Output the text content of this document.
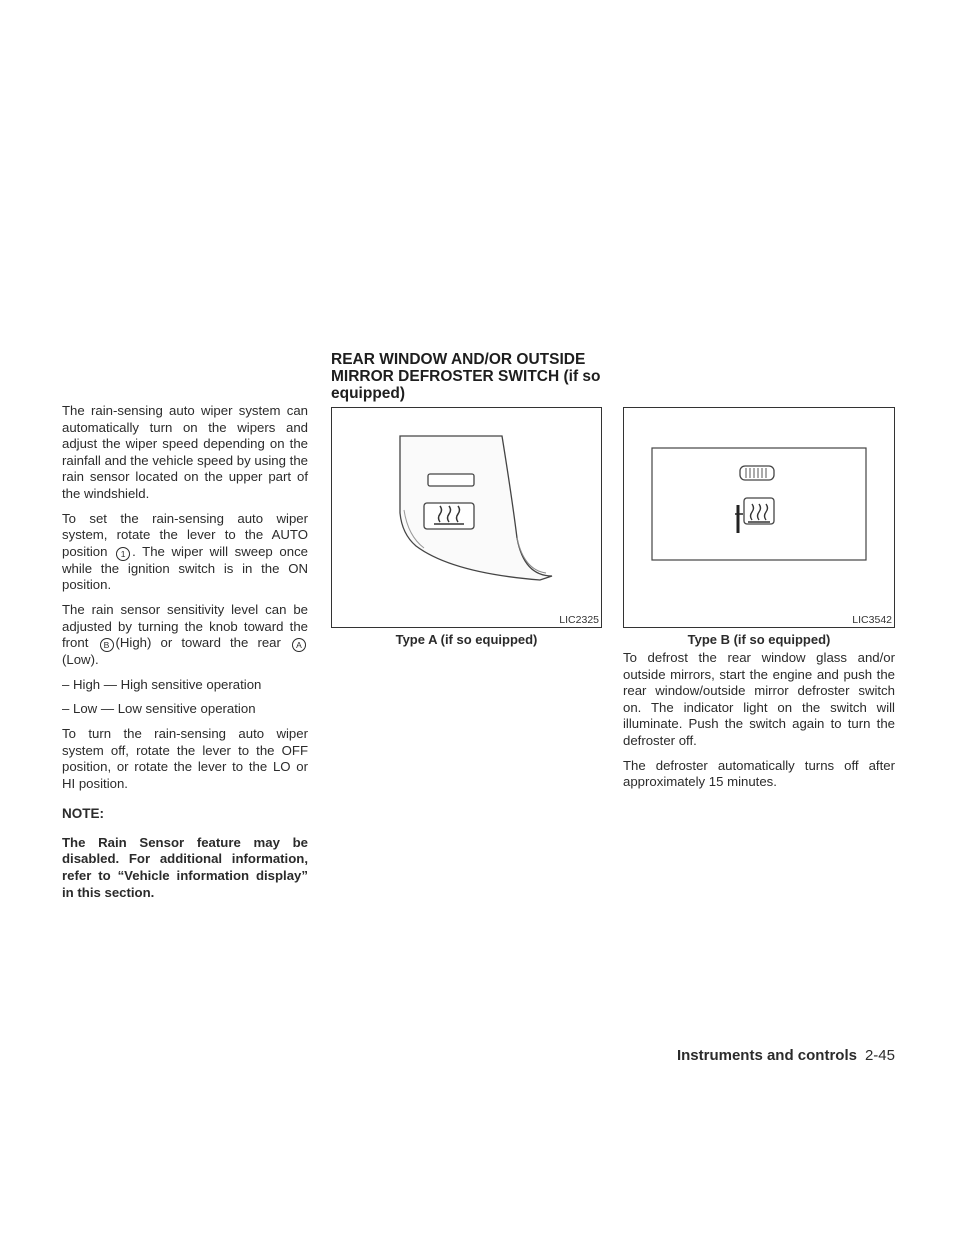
The rain-sensing auto wiper system can automatically turn on the wipers and adjust the wiper speed depending on the rainfall and the vehicle speed by using the rain sensor located on the upper part of the windshield.

To set the rain-sensing auto wiper system, rotate the lever to the AUTO position 1 . The wiper will sweep once while the ignition switch is in the ON position.

The rain sensor sensitivity level can be adjusted by turning the knob toward the front B (High) or toward the rear A(Low).

– High — High sensitive operation

– Low — Low sensitive operation

To turn the rain-sensing auto wiper system off, rotate the lever to the OFF position, or rotate the lever to the LO or HI position.

NOTE:
The Rain Sensor feature may be disabled. For additional information, refer to “Vehicle information display” in this section.
REAR WINDOW AND/OR OUTSIDE MIRROR DEFROSTER SWITCH (if so equipped)
LIC2325
Type A (if so equipped)
LIC3542
Type B (if so equipped)

To defrost the rear window glass and/or outside mirrors, start the engine and push the rear window/outside mirror defroster switch on. The indicator light on the switch will illuminate. Push the switch again to turn the defroster off.

The defroster automatically turns off after approximately 15 minutes.

Instruments and controls 2-45
